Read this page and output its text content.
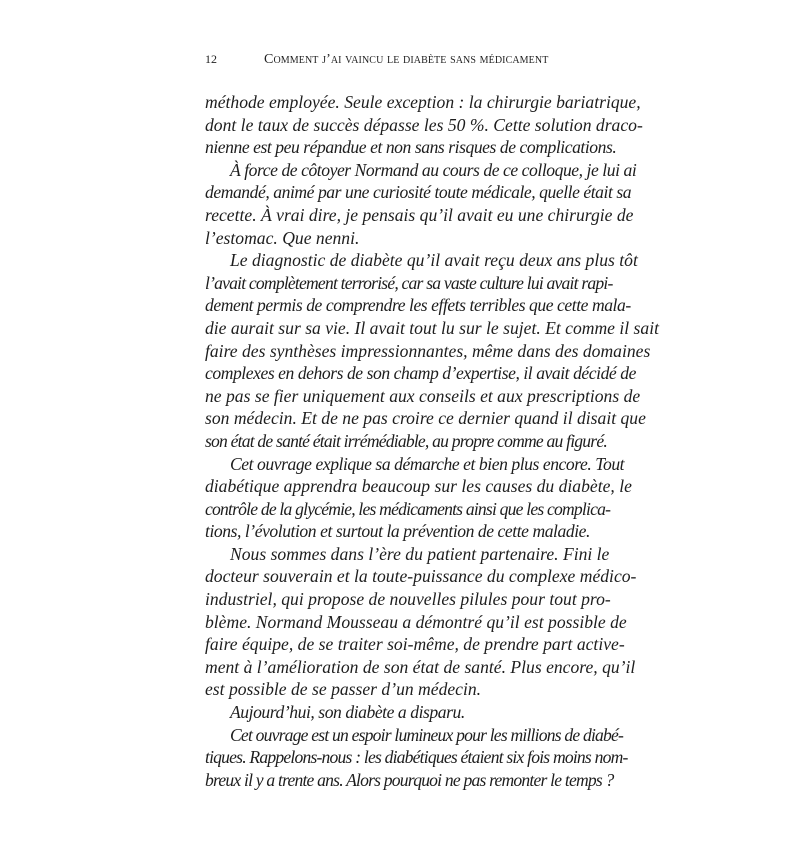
12	Comment j’ai vaincu le diabète sans médicament
méthode employée. Seule exception : la chirurgie bariatrique,
dont le taux de succès dépasse les 50 %. Cette solution draco-
nienne est peu répandue et non sans risques de complications.
À force de côtoyer Normand au cours de ce colloque, je lui ai
demandé, animé par une curiosité toute médicale, quelle était sa
recette. À vrai dire, je pensais qu’il avait eu une chirurgie de
l’estomac. Que nenni.
Le diagnostic de diabète qu’il avait reçu deux ans plus tôt
l’avait complètement terrorisé, car sa vaste culture lui avait rapi-
dement permis de comprendre les effets terribles que cette mala-
die aurait sur sa vie. Il avait tout lu sur le sujet. Et comme il sait
faire des synthèses impressionnantes, même dans des domaines
complexes en dehors de son champ d’expertise, il avait décidé de
ne pas se fier uniquement aux conseils et aux prescriptions de
son médecin. Et de ne pas croire ce dernier quand il disait que
son état de santé était irrémédiable, au propre comme au figuré.
Cet ouvrage explique sa démarche et bien plus encore. Tout
diabétique apprendra beaucoup sur les causes du diabète, le
contrôle de la glycémie, les médicaments ainsi que les complica-
tions, l’évolution et surtout la prévention de cette maladie.
Nous sommes dans l’ère du patient partenaire. Fini le
docteur souverain et la toute-puissance du complexe médico-
industriel, qui propose de nouvelles pilules pour tout pro-
blème. Normand Mousseau a démontré qu’il est possible de
faire équipe, de se traiter soi-même, de prendre part active-
ment à l’amélioration de son état de santé. Plus encore, qu’il
est possible de se passer d’un médecin.
Aujourd’hui, son diabète a disparu.
Cet ouvrage est un espoir lumineux pour les millions de diabé-
tiques. Rappelons-nous : les diabétiques étaient six fois moins nom-
breux il y a trente ans. Alors pourquoi ne pas remonter le temps ?
